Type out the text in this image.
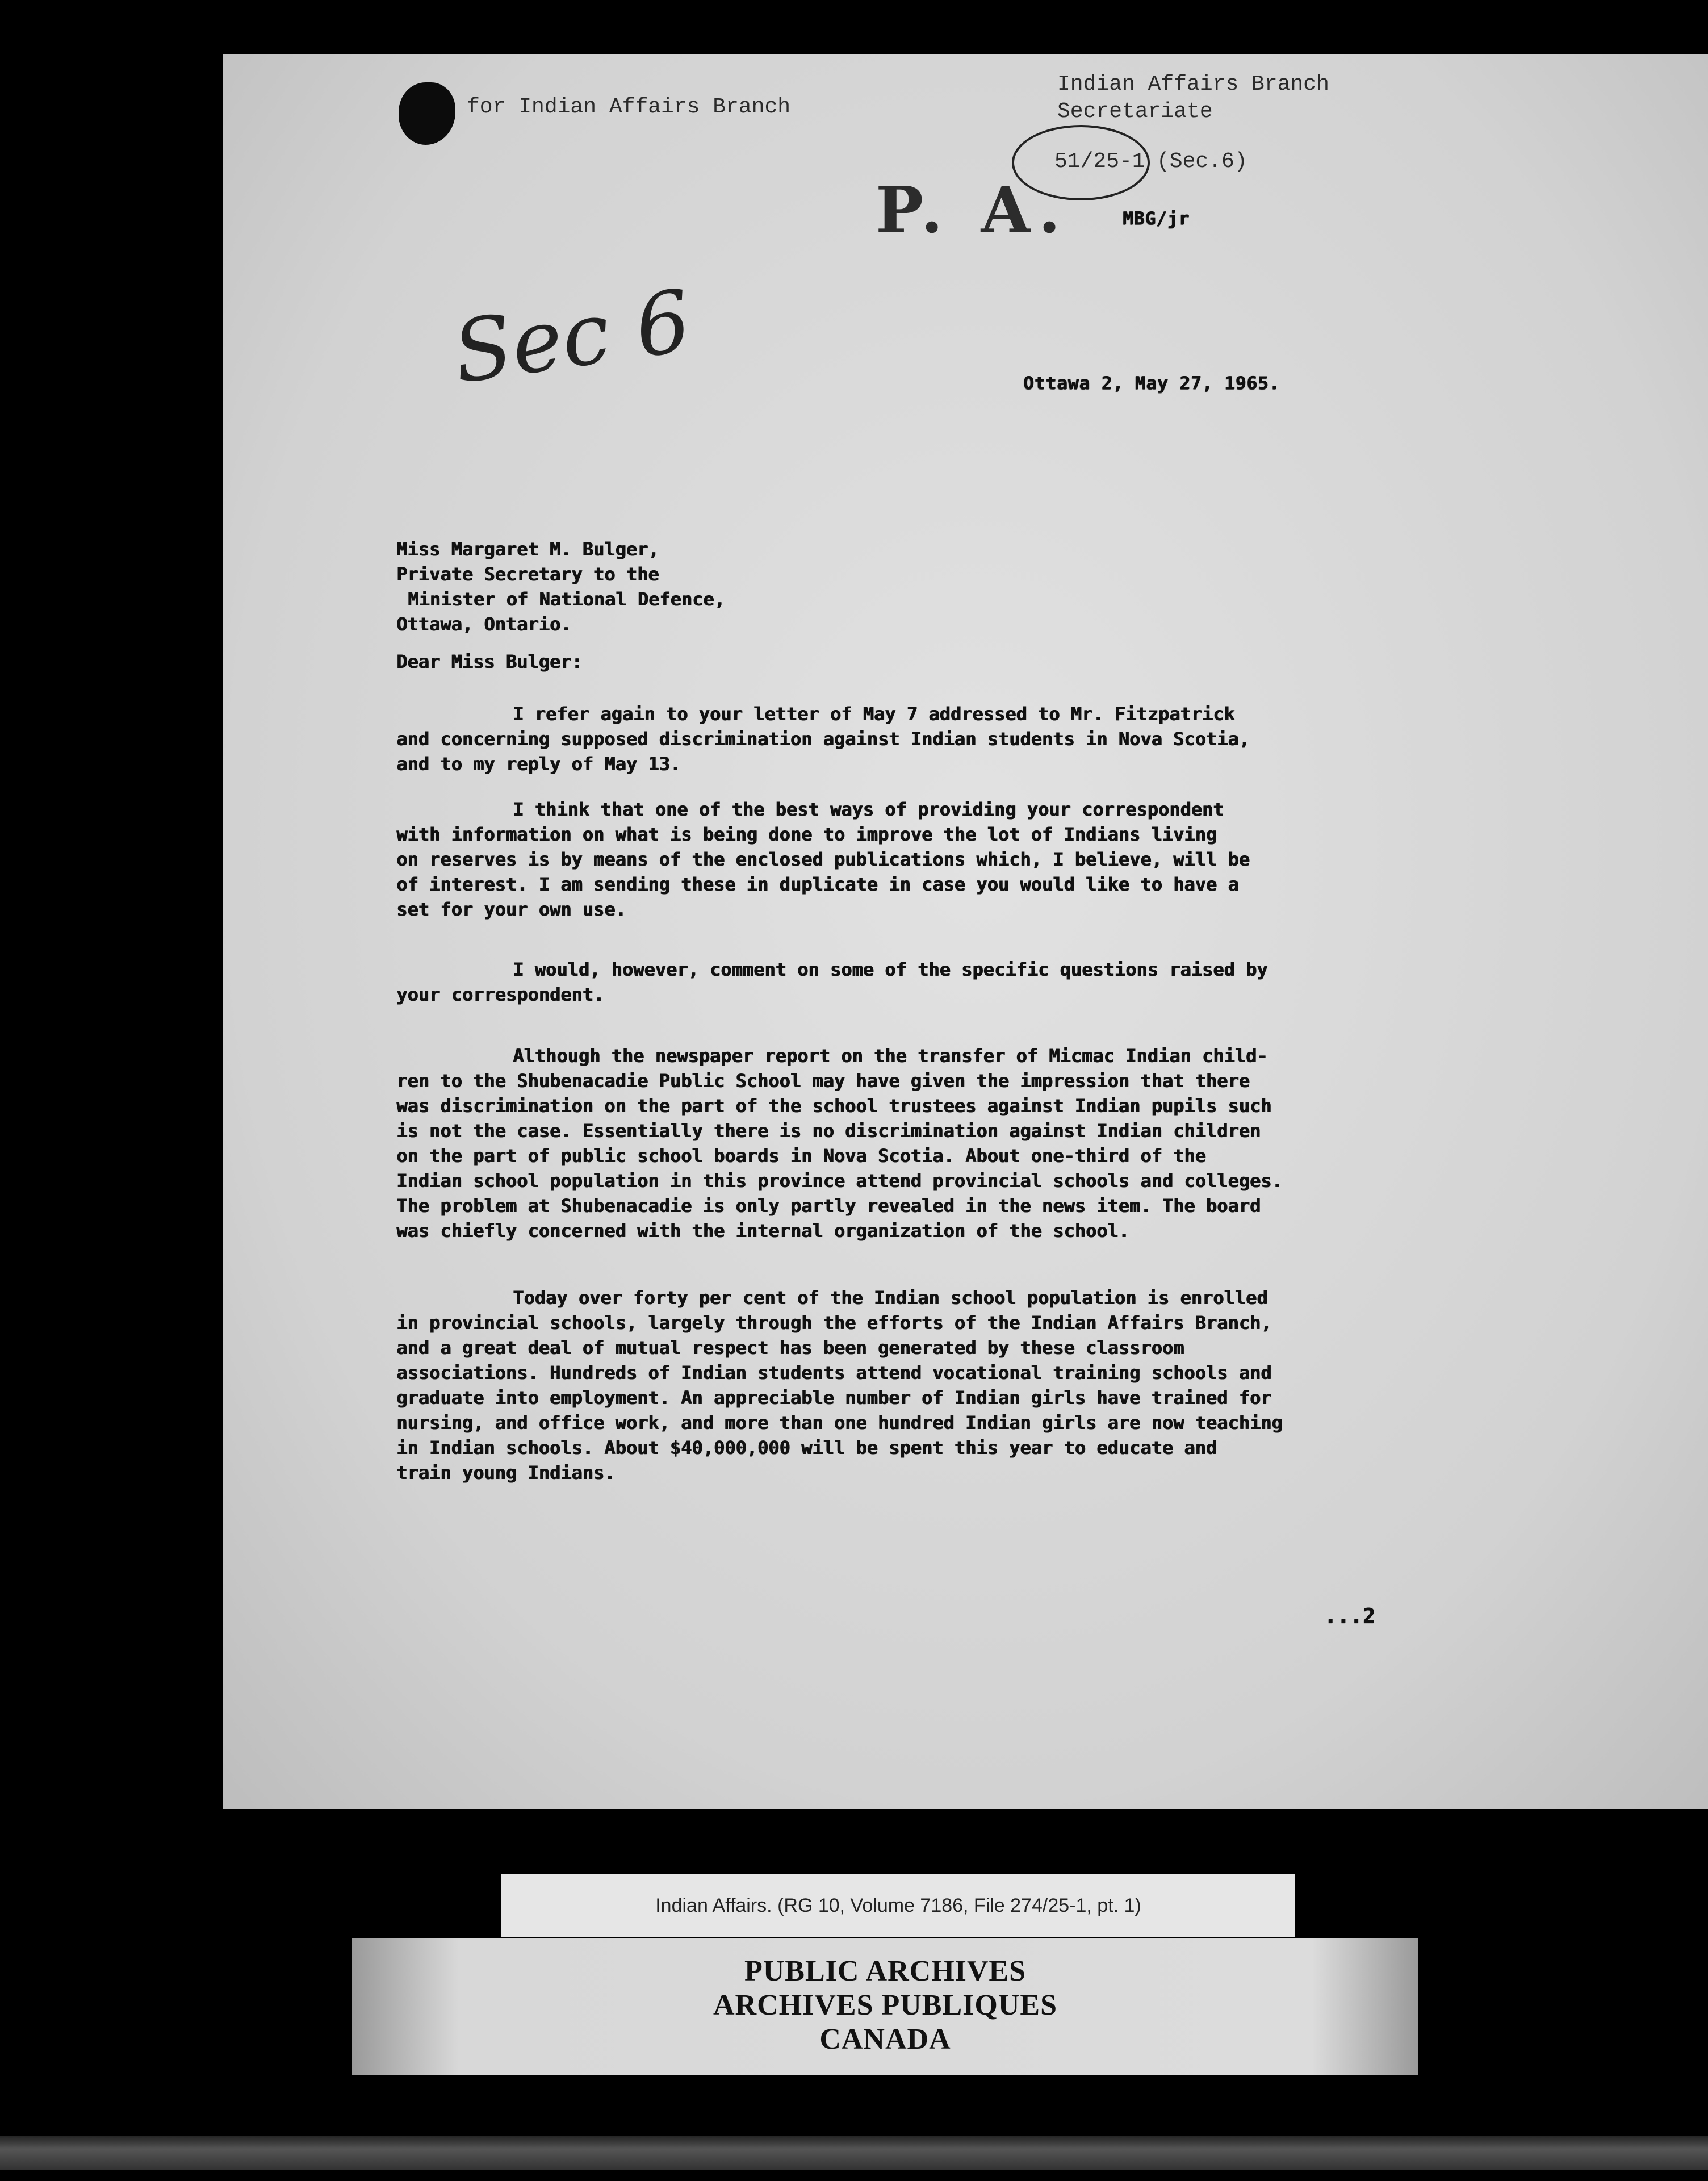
for Indian Affairs Branch
Indian Affairs Branch
Secretariate
51/25-1 (Sec.6)
P. A.	MBG/jr
Sec 6	Ottawa 2, May 27, 1965.

Miss Margaret M. Bulger,

Private Secretary to the

Minister of National Defence,

Ottawa, Ontario.

Dear Miss Bulger:

I refer again to your letter of May 7 addressed to Mr. Fitzpatrick

and concerning supposed discrimination against Indian students in Nova Scotia,

and to my reply of May 13.

I think that one of the best ways of providing your correspondent

with information on what is being done to improve the lot of Indians living

on reserves is by means of the enclosed publications which, I believe, will be

of interest. I am sending these in duplicate in case you would like to have a

set for your own use.

I would, however, comment on some of the specific questions raised by

your correspondent.

Although the newspaper report on the transfer of Micmac Indian child-

ren to the Shubenacadie Public School may have given the impression that there

was discrimination on the part of the school trustees against Indian pupils such

is not the case. Essentially there is no discrimination against Indian children

on the part of public school boards in Nova Scotia. About one-third of the

Indian school population in this province attend provincial schools and colleges.

The problem at Shubenacadie is only partly revealed in the news item. The board

was chiefly concerned with the internal organization of the school.

Today over forty per cent of the Indian school population is enrolled

in provincial schools, largely through the efforts of the Indian Affairs Branch,

and a great deal of mutual respect has been generated by these classroom

associations. Hundreds of Indian students attend vocational training schools and

graduate into employment. An appreciable number of Indian girls have trained for

nursing, and office work, and more than one hundred Indian girls are now teaching

in Indian schools. About $40,000,000 will be spent this year to educate and

train young Indians.

...2
Indian Affairs. (RG 10, Volume 7186, File 274/25-1, pt. 1)
PUBLIC ARCHIVES
ARCHIVES PUBLIQUES
CANADA
